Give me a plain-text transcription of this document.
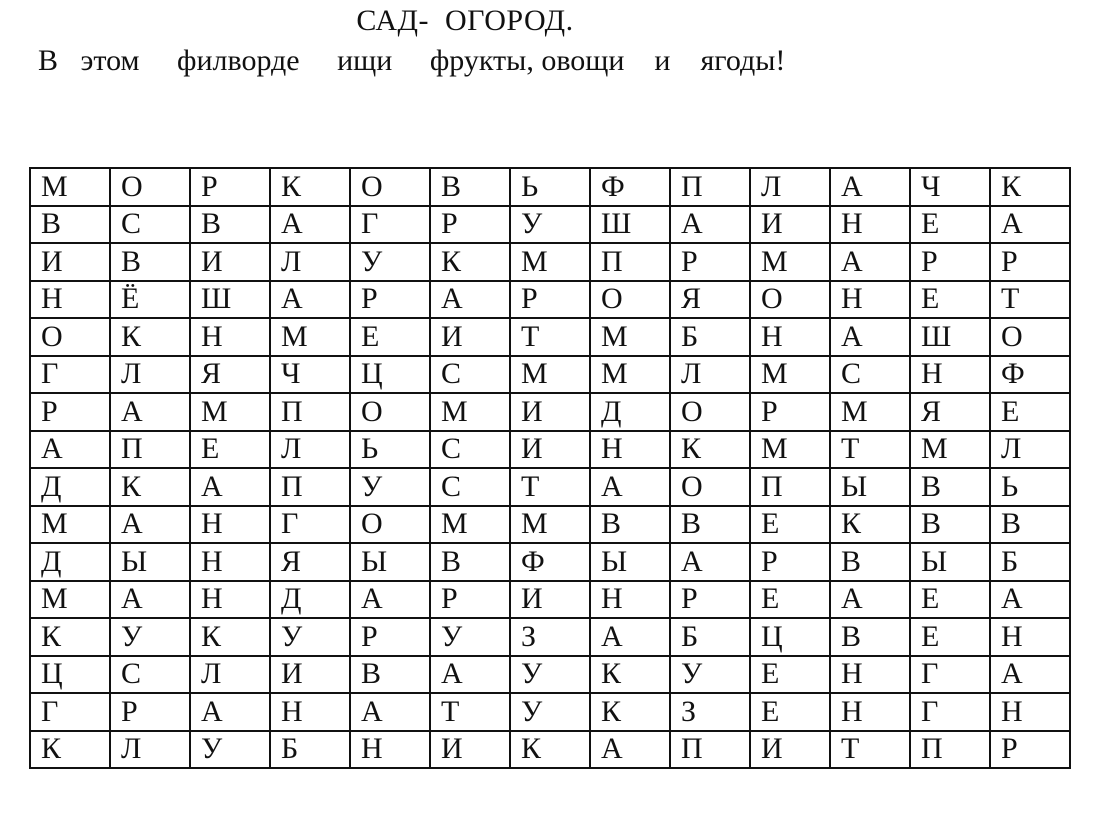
САД-  ОГОРОД.
В   этом     филворде     ищи     фрукты, овощи    и    ягоды!
М	О	Р	К	О	В	Ь	Ф	П	Л	А	Ч	К
В	С	В	А	Г	Р	У	Ш	А	И	Н	Е	А
И	В	И	Л	У	К	М	П	Р	М	А	Р	Р
Н	Ё	Ш	А	Р	А	Р	О	Я	О	Н	Е	Т
О	К	Н	М	Е	И	Т	М	Б	Н	А	Ш	О
Г	Л	Я	Ч	Ц	С	М	М	Л	М	С	Н	Ф
Р	А	М	П	О	М	И	Д	О	Р	М	Я	Е
А	П	Е	Л	Ь	С	И	Н	К	М	Т	М	Л
Д	К	А	П	У	С	Т	А	О	П	Ы	В	Ь
М	А	Н	Г	О	М	М	В	В	Е	К	В	В
Д	Ы	Н	Я	Ы	В	Ф	Ы	А	Р	В	Ы	Б
М	А	Н	Д	А	Р	И	Н	Р	Е	А	Е	А
К	У	К	У	Р	У	З	А	Б	Ц	В	Е	Н
Ц	С	Л	И	В	А	У	К	У	Е	Н	Г	А
Г	Р	А	Н	А	Т	У	К	З	Е	Н	Г	Н
К	Л	У	Б	Н	И	К	А	П	И	Т	П	Р
